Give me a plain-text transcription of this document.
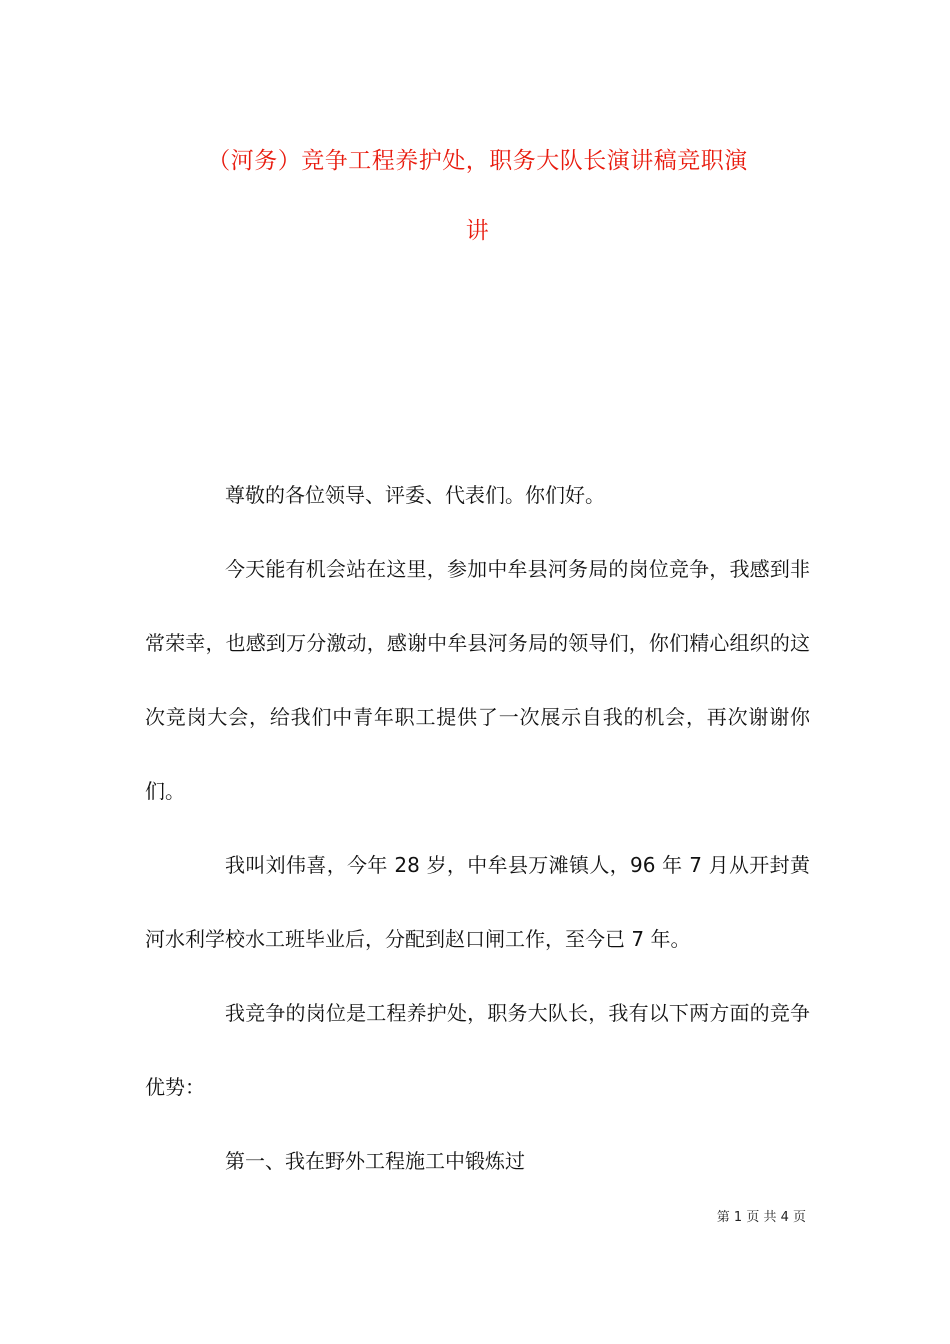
（河务）竞争工程养护处，职务大队长演讲稿竞职演
讲

尊敬的各位领导、评委、代表们。你们好。

今天能有机会站在这里，参加中牟县河务局的岗位竞争，我感到非常荣幸，也感到万分激动，感谢中牟县河务局的领导们，你们精心组织的这次竞岗大会，给我们中青年职工提供了一次展示自我的机会，再次谢谢你们。

我叫刘伟喜，今年 28 岁，中牟县万滩镇人，96 年 7 月从开封黄河水利学校水工班毕业后，分配到赵口闸工作，至今已 7 年。

我竞争的岗位是工程养护处，职务大队长，我有以下两方面的竞争优势：

第一、我在野外工程施工中锻炼过

第 1 页 共 4 页
